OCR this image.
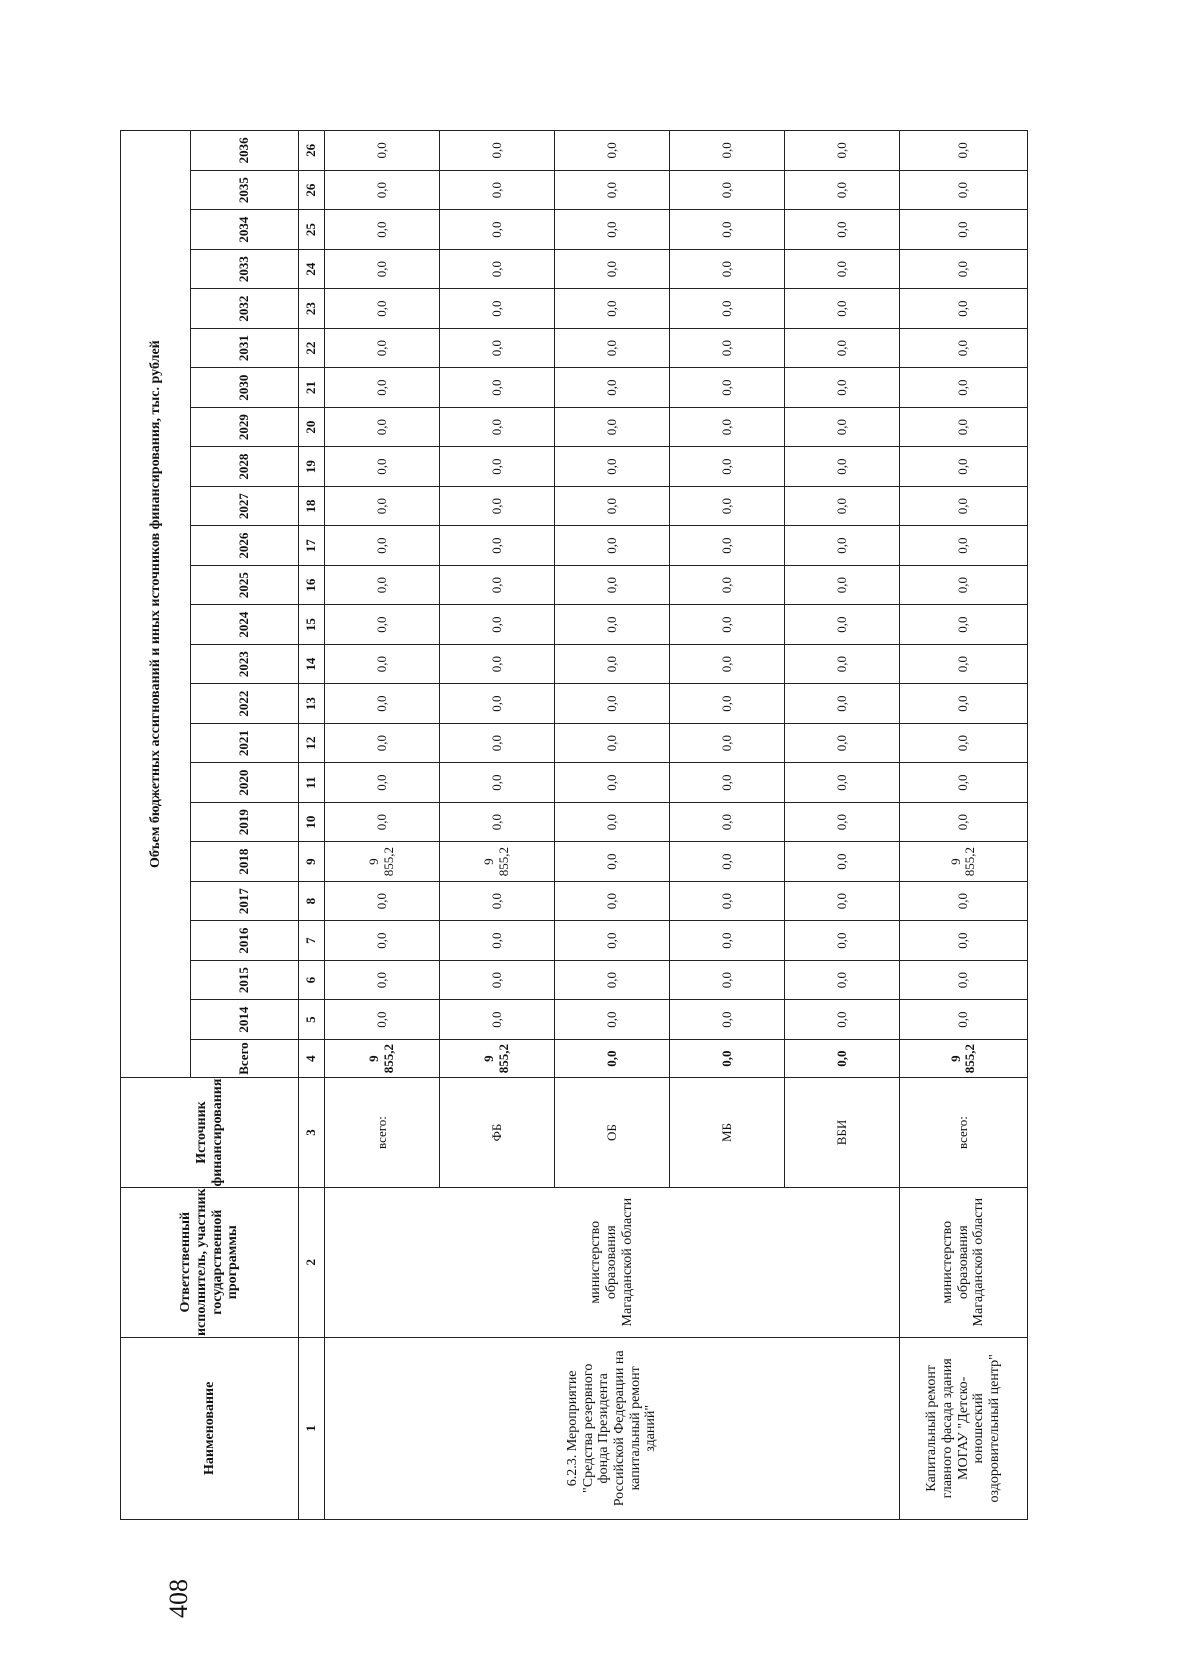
408
Наименование	Ответственный исполнитель, участник государственной программы	Источник финансирования	Объем бюджетных ассигнований и иных источников финансирования, тыс. рублей																							
			Всего	2014	2015	2016	2017	2018	2019	2020	2021	2022	2023	2024	2025	2026	2027	2028	2029	2030	2031	2032	2033	2034	2035	2036
1	2	3	4	5	6	7	8	9	10	11	12	13	14	15	16	17	18	19	20	21	22	23	24	25	26	26
6.2.3. Мероприятие "Средства резервного фонда Президента Российской Федерации на капитальный ремонт зданий"	министерство образования Магаданской области	всего:	9 855,2	0,0	0,0	0,0	0,0	9 855,2	0,0	0,0	0,0	0,0	0,0	0,0	0,0	0,0	0,0	0,0	0,0	0,0	0,0	0,0	0,0	0,0	0,0	0,0
		ФБ	9 855,2	0,0	0,0	0,0	0,0	9 855,2	0,0	0,0	0,0	0,0	0,0	0,0	0,0	0,0	0,0	0,0	0,0	0,0	0,0	0,0	0,0	0,0	0,0	0,0
		ОБ	0,0	0,0	0,0	0,0	0,0	0,0	0,0	0,0	0,0	0,0	0,0	0,0	0,0	0,0	0,0	0,0	0,0	0,0	0,0	0,0	0,0	0,0	0,0	0,0
		МБ	0,0	0,0	0,0	0,0	0,0	0,0	0,0	0,0	0,0	0,0	0,0	0,0	0,0	0,0	0,0	0,0	0,0	0,0	0,0	0,0	0,0	0,0	0,0	0,0
		ВБИ	0,0	0,0	0,0	0,0	0,0	0,0	0,0	0,0	0,0	0,0	0,0	0,0	0,0	0,0	0,0	0,0	0,0	0,0	0,0	0,0	0,0	0,0	0,0	0,0
Капитальный ремонт главного фасада здания МОГАУ "Детско-юношеский оздоровительный центр"	министерство образования Магаданской области	всего:	9 855,2	0,0	0,0	0,0	0,0	9 855,2	0,0	0,0	0,0	0,0	0,0	0,0	0,0	0,0	0,0	0,0	0,0	0,0	0,0	0,0	0,0	0,0	0,0	0,0
